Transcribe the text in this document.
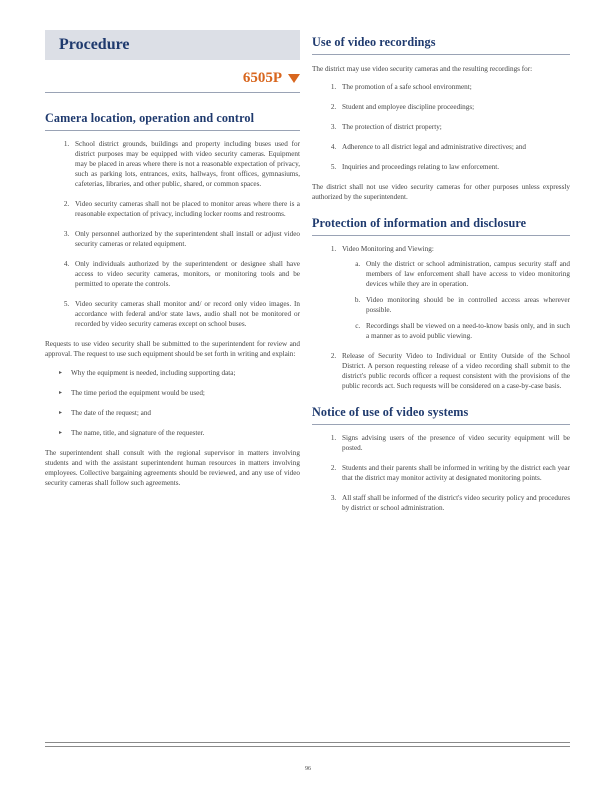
Procedure
6505P
Camera location, operation and control
1. School district grounds, buildings and property including buses used for district purposes may be equipped with video security cameras. Equipment may be placed in areas where there is not a reasonable expectation of privacy, such as parking lots, entrances, exits, hallways, front offices, gymnasiums, cafeterias, libraries, and other public, shared, or common spaces.
2. Video security cameras shall not be placed to monitor areas where there is a reasonable expectation of privacy, including locker rooms and restrooms.
3. Only personnel authorized by the superintendent shall install or adjust video security cameras or related equipment.
4. Only individuals authorized by the superintendent or designee shall have access to video security cameras, monitors, or monitoring tools and be permitted to operate the controls.
5. Video security cameras shall monitor and/ or record only video images. In accordance with federal and/or state laws, audio shall not be monitored or recorded by video security cameras except on school buses.

Requests to use video security shall be submitted to the superintendent for review and approval. The request to use such equipment should be set forth in writing and explain:

▸	Why the equipment is needed, including supporting data;
▸	The time period the equipment would be used;
▸	The date of the request; and
▸	The name, title, and signature of the requester.

The superintendent shall consult with the regional supervisor in matters involving students and with the assistant superintendent human resources in matters involving employees. Collective bargaining agreements should be reviewed, and any use of video security cameras shall follow such agreements.

Use of video recordings

The district may use video security cameras and the resulting recordings for:

1. The promotion of a safe school environment;
2. Student and employee discipline proceedings;
3. The protection of district property;
4. Adherence to all district legal and administrative directives; and
5. Inquiries and proceedings relating to law enforcement.

The district shall not use video security cameras for other purposes unless expressly authorized by the superintendent.

Protection of information and disclosure
1. Video Monitoring and Viewing:
a. Only the district or school administration, campus security staff and members of law enforcement shall have access to video monitoring devices while they are in operation.
b. Video monitoring should be in controlled access areas wherever possible.
c. Recordings shall be viewed on a need-to-know basis only, and in such a manner as to avoid public viewing.
2. Release of Security Video to Individual or Entity Outside of the School District. A person requesting release of a video recording shall submit to the district's public records officer a request consistent with the provisions of the public records act. Such requests will be considered on a case-by-case basis.
Notice of use of video systems
1. Signs advising users of the presence of video security equipment will be posted.
2. Students and their parents shall be informed in writing by the district each year that the district may monitor activity at designated monitoring points.
3. All staff shall be informed of the district's video security policy and procedures by district or school administration.
96
